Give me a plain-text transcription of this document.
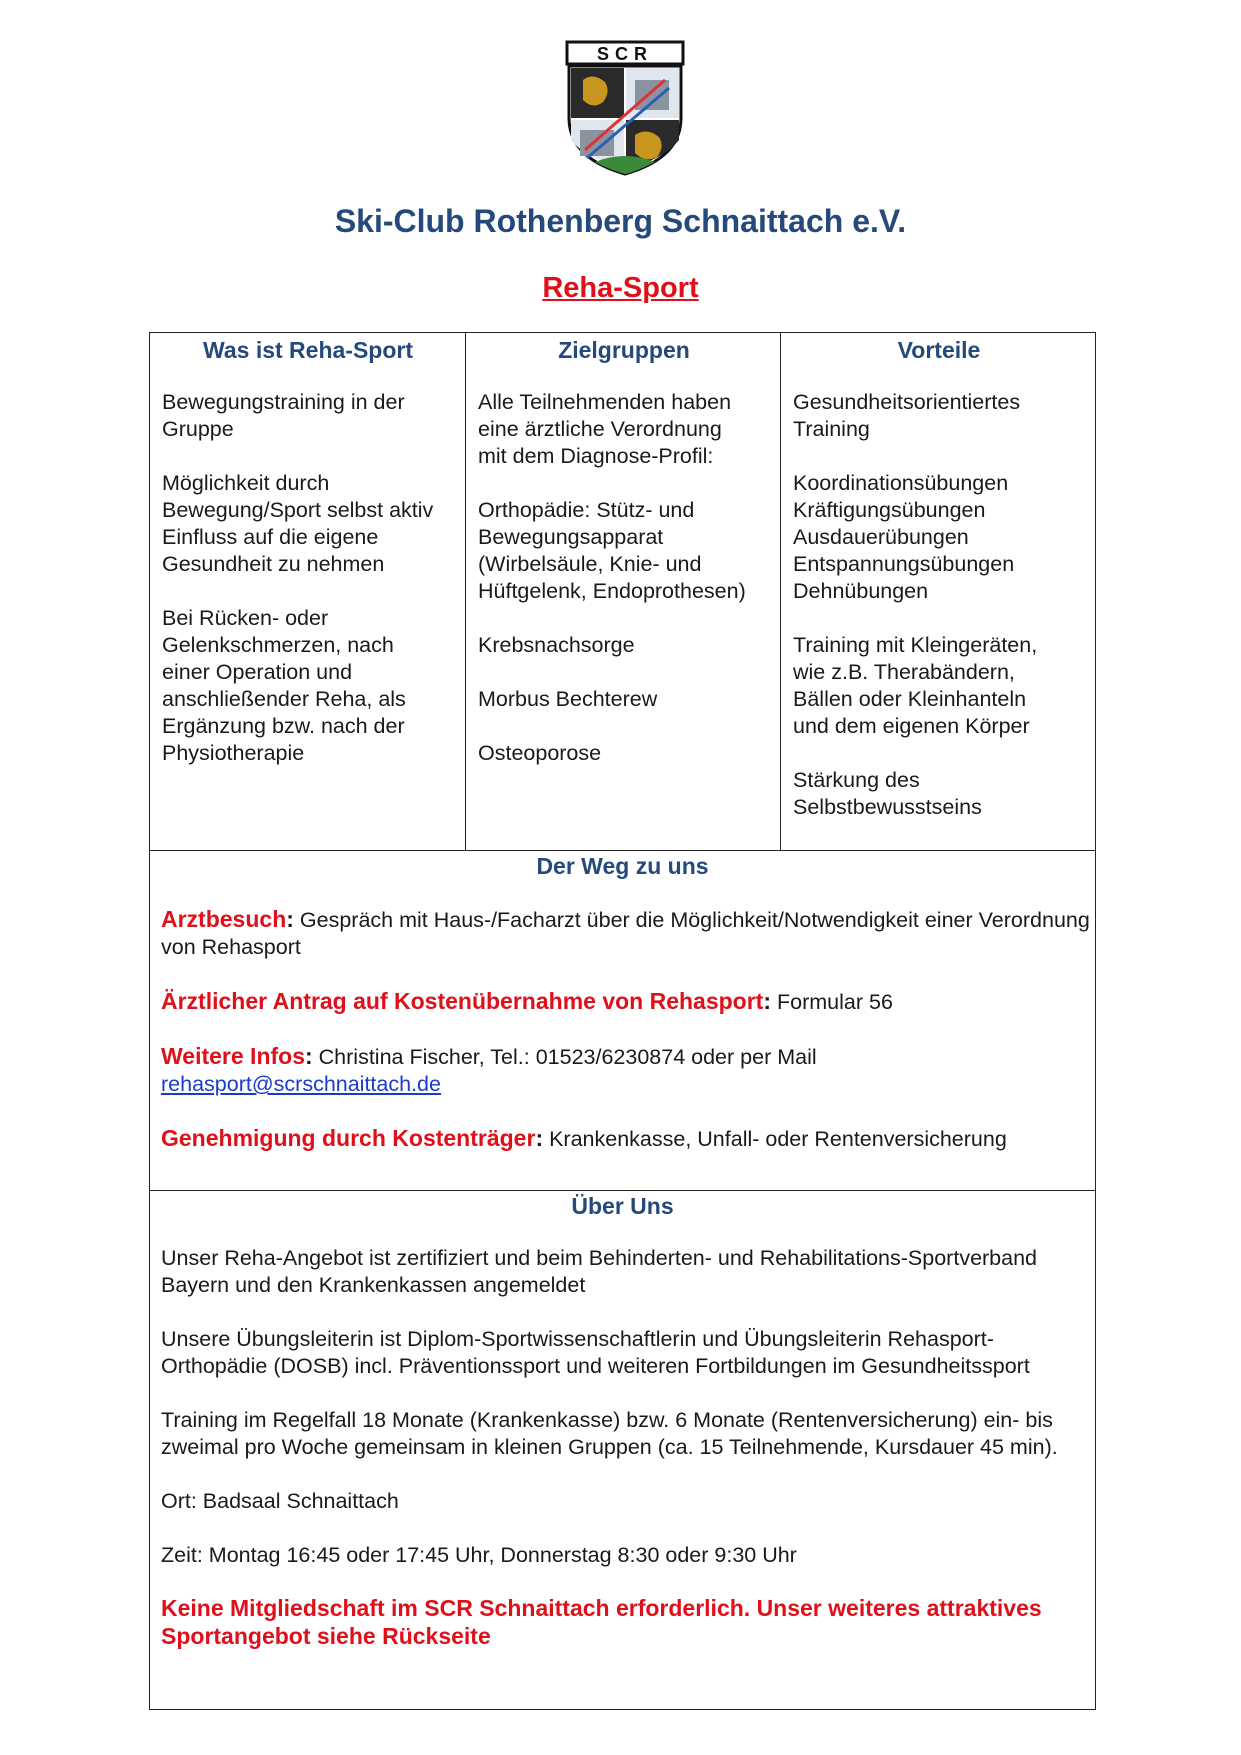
SCR
Ski-Club Rothenberg Schnaittach e.V.
Reha-Sport
Was ist Reha-Sport

Bewegungstraining in der
Gruppe

Möglichkeit durch
Bewegung/Sport selbst aktiv
Einfluss auf die eigene
Gesundheit zu nehmen

Bei Rücken- oder
Gelenkschmerzen, nach
einer Operation und
anschließender Reha, als
Ergänzung bzw. nach der
Physiotherapie

Zielgruppen

Alle Teilnehmenden haben
eine ärztliche Verordnung
mit dem Diagnose-Profil:

Orthopädie: Stütz- und
Bewegungsapparat
(Wirbelsäule, Knie- und
Hüftgelenk, Endoprothesen)

Krebsnachsorge

Morbus Bechterew

Osteoporose

Vorteile

Gesundheitsorientiertes
Training

Koordinationsübungen
Kräftigungsübungen
Ausdauerübungen
Entspannungsübungen
Dehnübungen

Training mit Kleingeräten,
wie z.B. Therabändern,
Bällen oder Kleinhanteln
und dem eigenen Körper

Stärkung des
Selbstbewusstseins

Der Weg zu uns

Arztbesuch: Gespräch mit Haus-/Facharzt über die Möglichkeit/Notwendigkeit einer Verordnung von Rehasport

Ärztlicher Antrag auf Kostenübernahme von Rehasport: Formular 56

Weitere Infos: Christina Fischer, Tel.: 01523/6230874 oder per Mail
rehasport@scrschnaittach.de

Genehmigung durch Kostenträger: Krankenkasse, Unfall- oder Rentenversicherung

Über Uns

Unser Reha-Angebot ist zertifiziert und beim Behinderten- und Rehabilitations-Sportverband Bayern und den Krankenkassen angemeldet

Unsere Übungsleiterin ist Diplom-Sportwissenschaftlerin und Übungsleiterin Rehasport-Orthopädie (DOSB) incl. Präventionssport und weiteren Fortbildungen im Gesundheitssport

Training im Regelfall 18 Monate (Krankenkasse) bzw. 6 Monate (Rentenversicherung) ein- bis zweimal pro Woche gemeinsam in kleinen Gruppen (ca. 15 Teilnehmende, Kursdauer 45 min).

Ort: Badsaal Schnaittach

Zeit: Montag 16:45 oder 17:45 Uhr, Donnerstag 8:30 oder 9:30 Uhr

Keine Mitgliedschaft im SCR Schnaittach erforderlich. Unser weiteres attraktives Sportangebot siehe Rückseite
